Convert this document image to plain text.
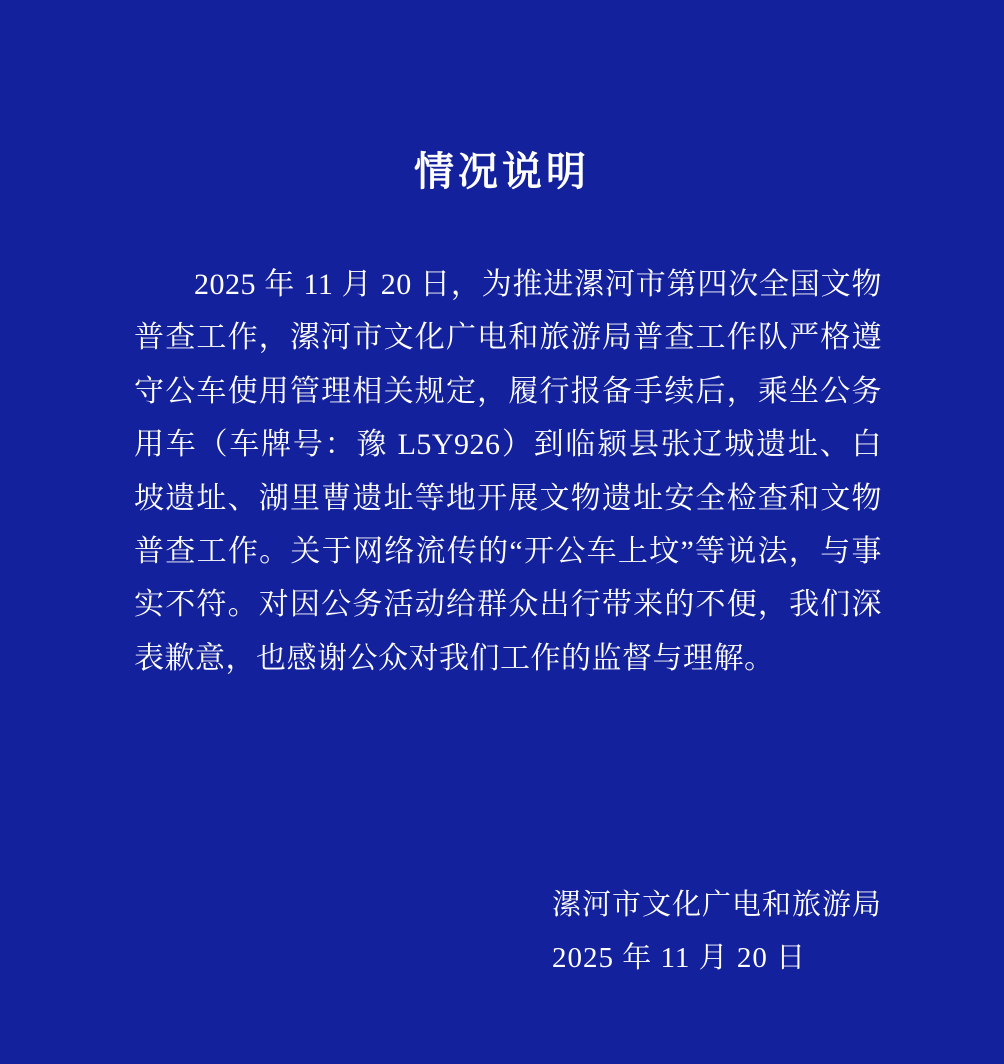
情况说明

2025 年 11 月 20 日，为推进漯河市第四次全国文物普查工作，漯河市文化广电和旅游局普查工作队严格遵守公车使用管理相关规定，履行报备手续后，乘坐公务用车（车牌号：豫 L5Y926）到临颍县张辽城遗址、白坡遗址、湖里曹遗址等地开展文物遗址安全检查和文物普查工作。关于网络流传的“开公车上坟”等说法，与事实不符。对因公务活动给群众出行带来的不便，我们深表歉意，也感谢公众对我们工作的监督与理解。

漯河市文化广电和旅游局
2025 年 11 月 20 日
